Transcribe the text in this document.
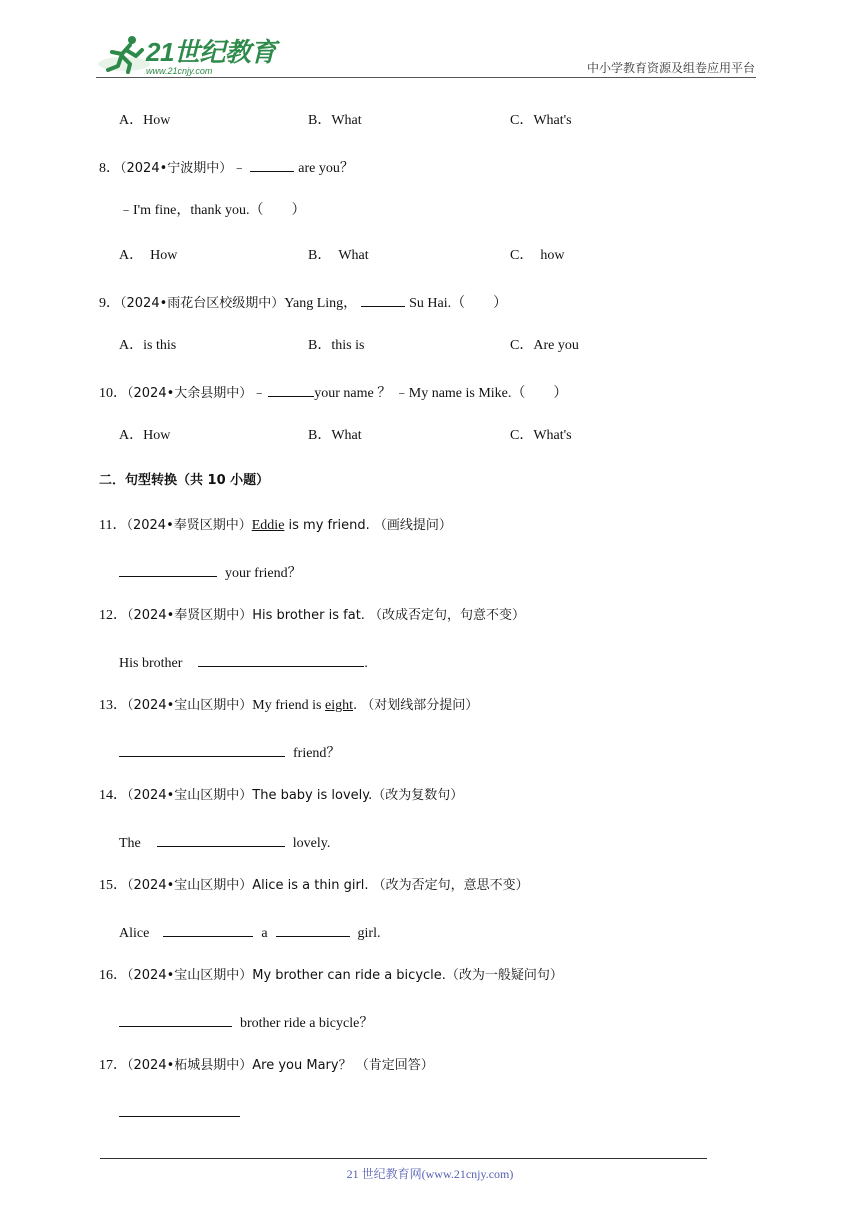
21世纪教育
www.21cnjy.com	中小学教育资源及组卷应用平台
A．How	B．What	C．What's
8．（2024•宁波期中）﹣	are you？
﹣I'm fine，thank you.（　　）
A．　How	B．　What	C．　how
9．（2024•雨花台区校级期中）Yang Ling，	Su Hai.（　　）
A．is this	B．this is	C．Are you
10．（2024•大余县期中）﹣	your name ？ ﹣My name is Mike.（　　）
A．How	B．What	C．What's
二．句型转换（共 10 小题）
11．（2024•奉贤区期中）Eddie is my friend. （画线提问）
your friend？
12．（2024•奉贤区期中）His brother is fat. （改成否定句，句意不变）
His brother	.
13．（2024•宝山区期中）My friend is eight. （对划线部分提问）
friend？
14．（2024•宝山区期中）The baby is lovely.（改为复数句）
The	lovely.
15．（2024•宝山区期中）Alice is a thin girl. （改为否定句，意思不变）
Alice	a	girl.
16．（2024•宝山区期中）My brother can ride a bicycle.（改为一般疑问句）
brother ride a bicycle？
17．（2024•柘城县期中）Are you Mary？ （肯定回答）
21 世纪教育网(www.21cnjy.com)
